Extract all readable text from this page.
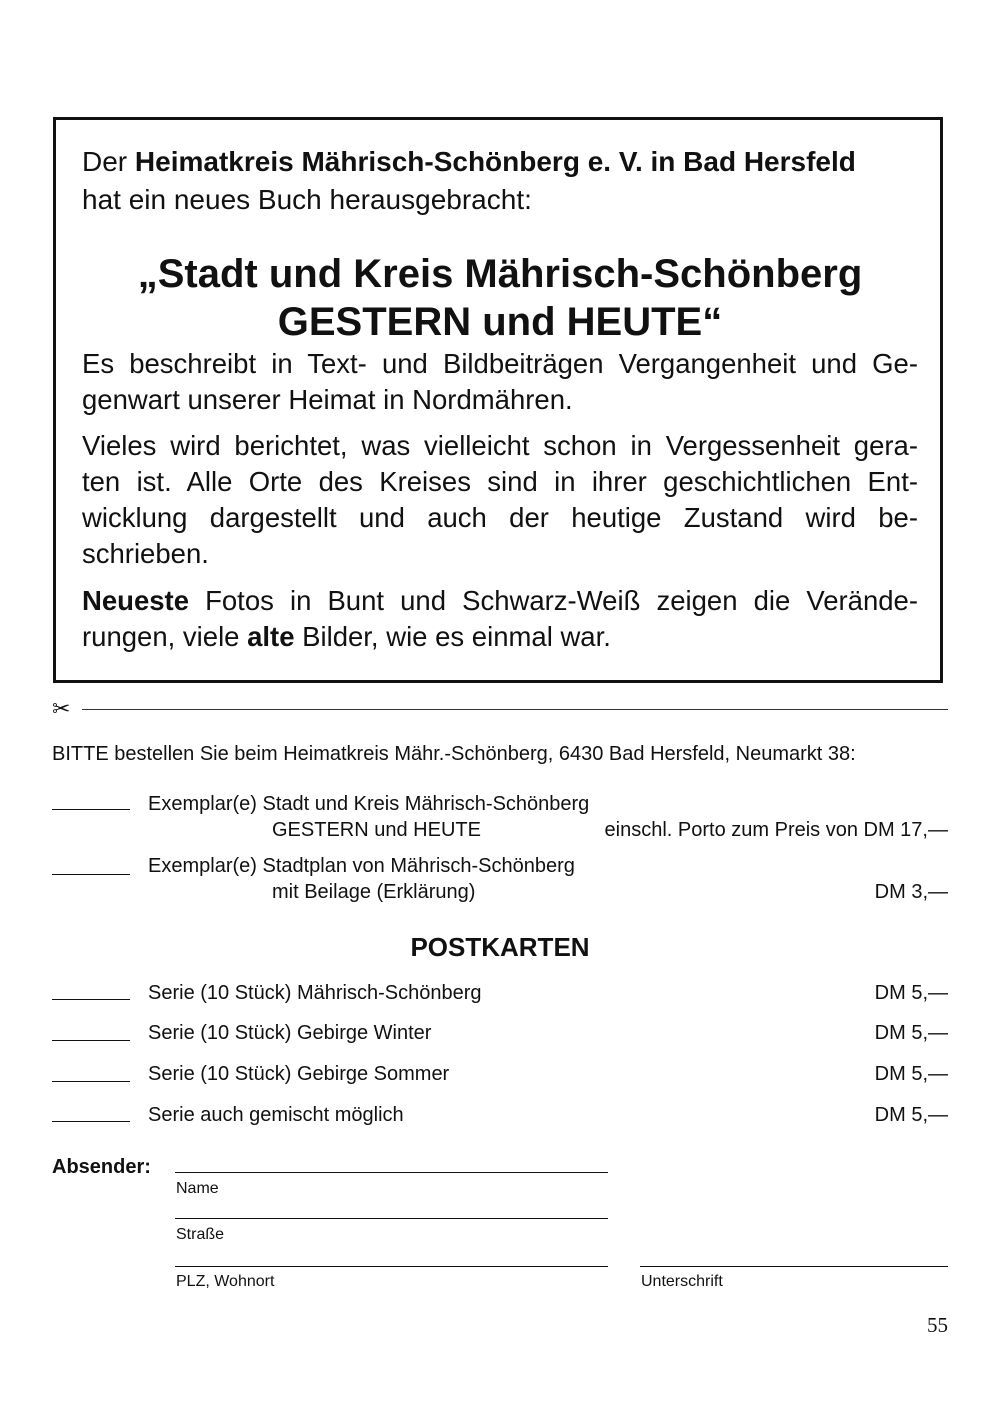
Der Heimatkreis Mährisch-Schönberg e. V. in Bad Hersfeld
hat ein neues Buch herausgebracht:
„Stadt und Kreis Mährisch-Schönberg
GESTERN und HEUTE“
Es beschreibt in Text- und Bildbeiträgen Vergangenheit und Ge-
genwart unserer Heimat in Nordmähren.
Vieles wird berichtet, was vielleicht schon in Vergessenheit gera-
ten ist. Alle Orte des Kreises sind in ihrer geschichtlichen Ent-
wicklung dargestellt und auch der heutige Zustand wird be-
schrieben.
Neueste Fotos in Bunt und Schwarz-Weiß zeigen die Verände-
rungen, viele alte Bilder, wie es einmal war.
✂
BITTE bestellen Sie beim Heimatkreis Mähr.-Schönberg, 6430 Bad Hersfeld, Neumarkt 38:
Exemplar(e) Stadt und Kreis Mährisch-Schönberg
GESTERN und HEUTE	einschl. Porto zum Preis von DM 17,—
Exemplar(e) Stadtplan von Mährisch-Schönberg
mit Beilage (Erklärung)	DM 3,—
POSTKARTEN
Serie (10 Stück) Mährisch-Schönberg	DM 5,—
Serie (10 Stück) Gebirge Winter	DM 5,—
Serie (10 Stück) Gebirge Sommer	DM 5,—
Serie auch gemischt möglich	DM 5,—
Absender:
Name
Straße
PLZ, Wohnort	Unterschrift
55
